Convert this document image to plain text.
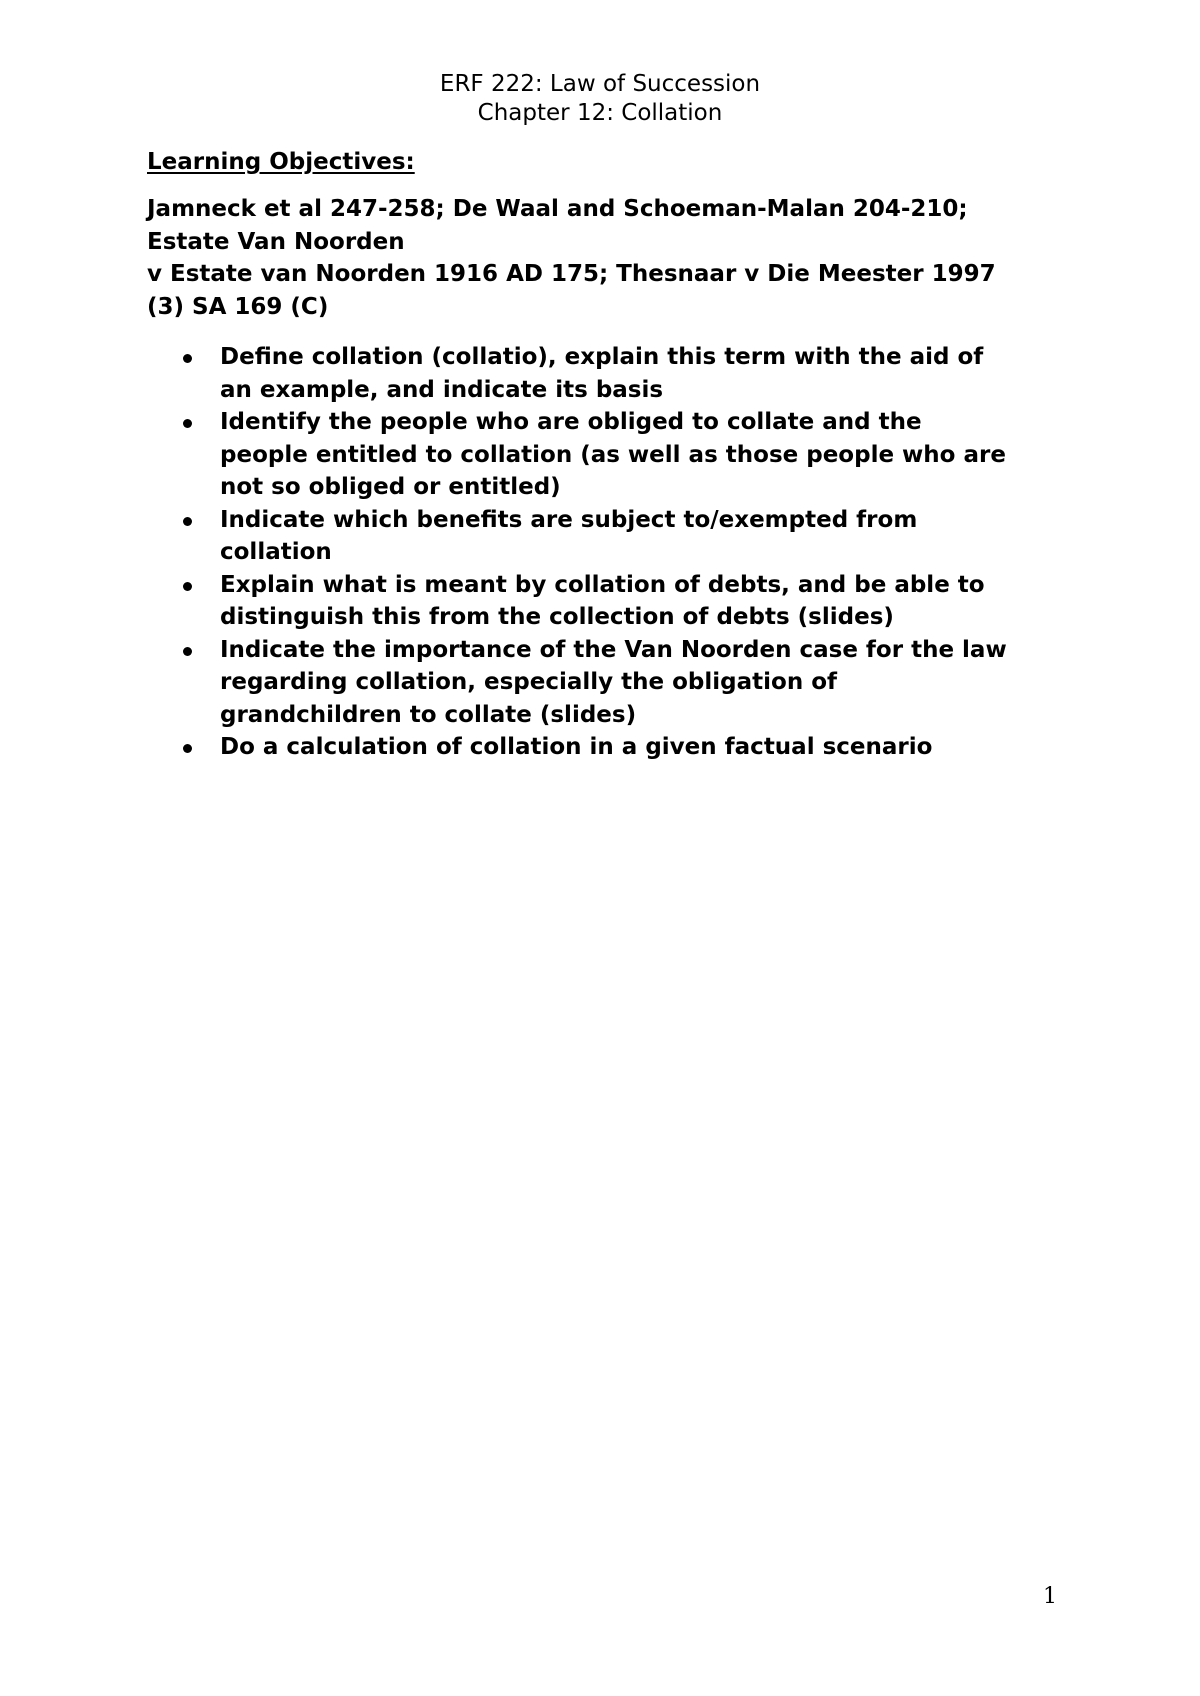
ERF 222: Law of Succession
Chapter 12: Collation
Learning Objectives:
Jamneck et al 247-258; De Waal and Schoeman-Malan 204-210;
Estate Van Noorden
v Estate van Noorden 1916 AD 175; Thesnaar v Die Meester 1997
(3) SA 169 (C)
Define collation (collatio), explain this term with the aid of
an example, and indicate its basis
Identify the people who are obliged to collate and the
people entitled to collation (as well as those people who are
not so obliged or entitled)
Indicate which benefits are subject to/exempted from
collation
Explain what is meant by collation of debts, and be able to
distinguish this from the collection of debts (slides)
Indicate the importance of the Van Noorden case for the law
regarding collation, especially the obligation of
grandchildren to collate (slides)
Do a calculation of collation in a given factual scenario
1
